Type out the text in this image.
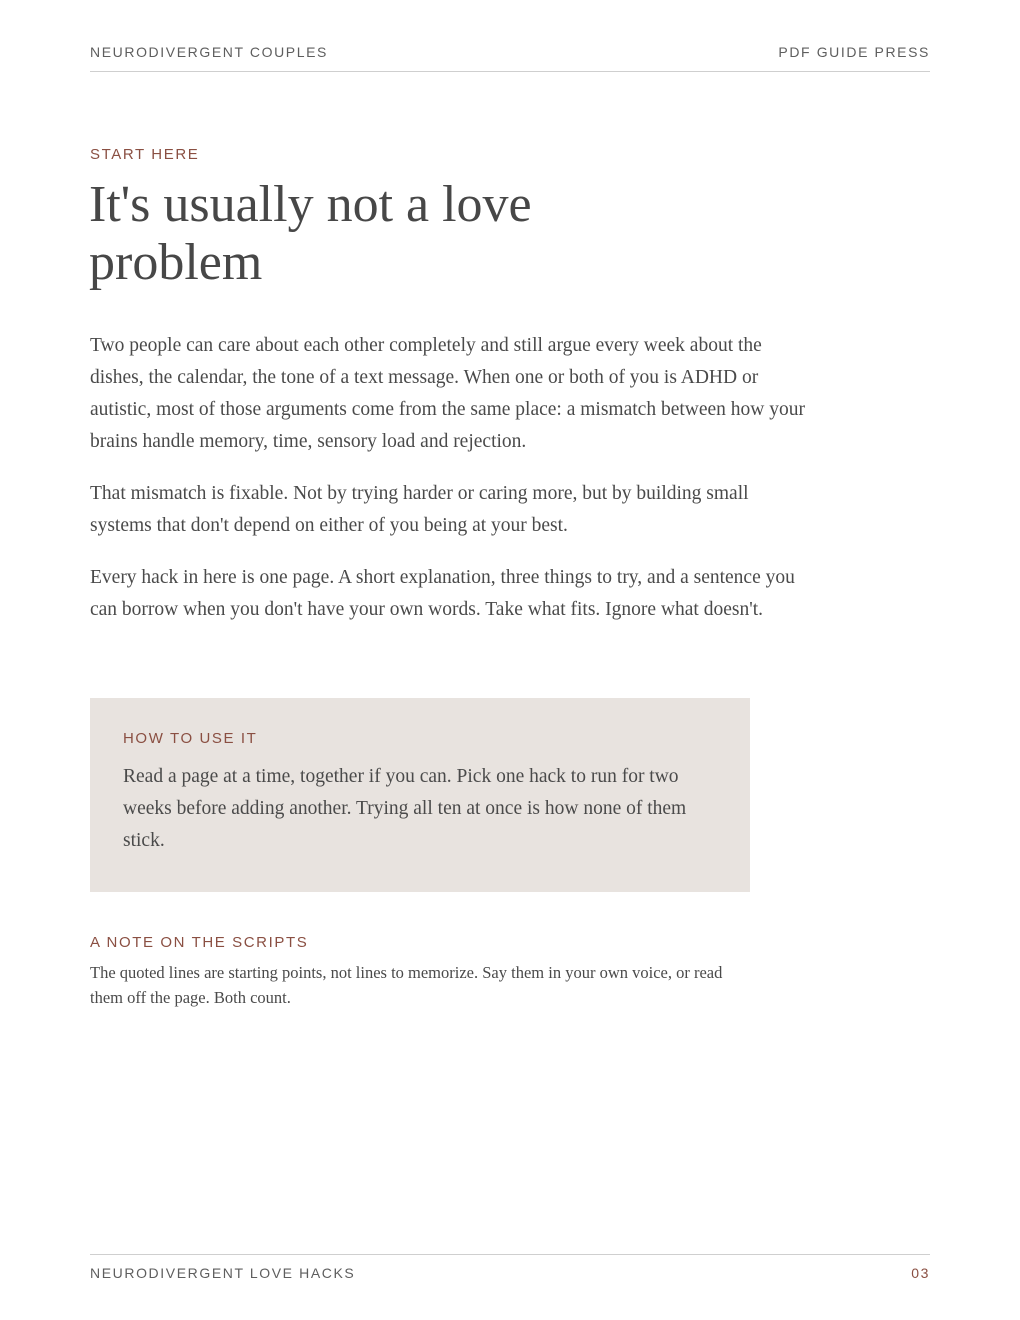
NEURODIVERGENT COUPLES	PDF GUIDE PRESS
START HERE
It's usually not a love problem

Two people can care about each other completely and still argue every week about the dishes, the calendar, the tone of a text message. When one or both of you is ADHD or autistic, most of those arguments come from the same place: a mismatch between how your brains handle memory, time, sensory load and rejection.

That mismatch is fixable. Not by trying harder or caring more, but by building small systems that don't depend on either of you being at your best.

Every hack in here is one page. A short explanation, three things to try, and a sentence you can borrow when you don't have your own words. Take what fits. Ignore what doesn't.

HOW TO USE IT

Read a page at a time, together if you can. Pick one hack to run for two weeks before adding another. Trying all ten at once is how none of them stick.

A NOTE ON THE SCRIPTS

The quoted lines are starting points, not lines to memorize. Say them in your own voice, or read them off the page. Both count.

NEURODIVERGENT LOVE HACKS	03
